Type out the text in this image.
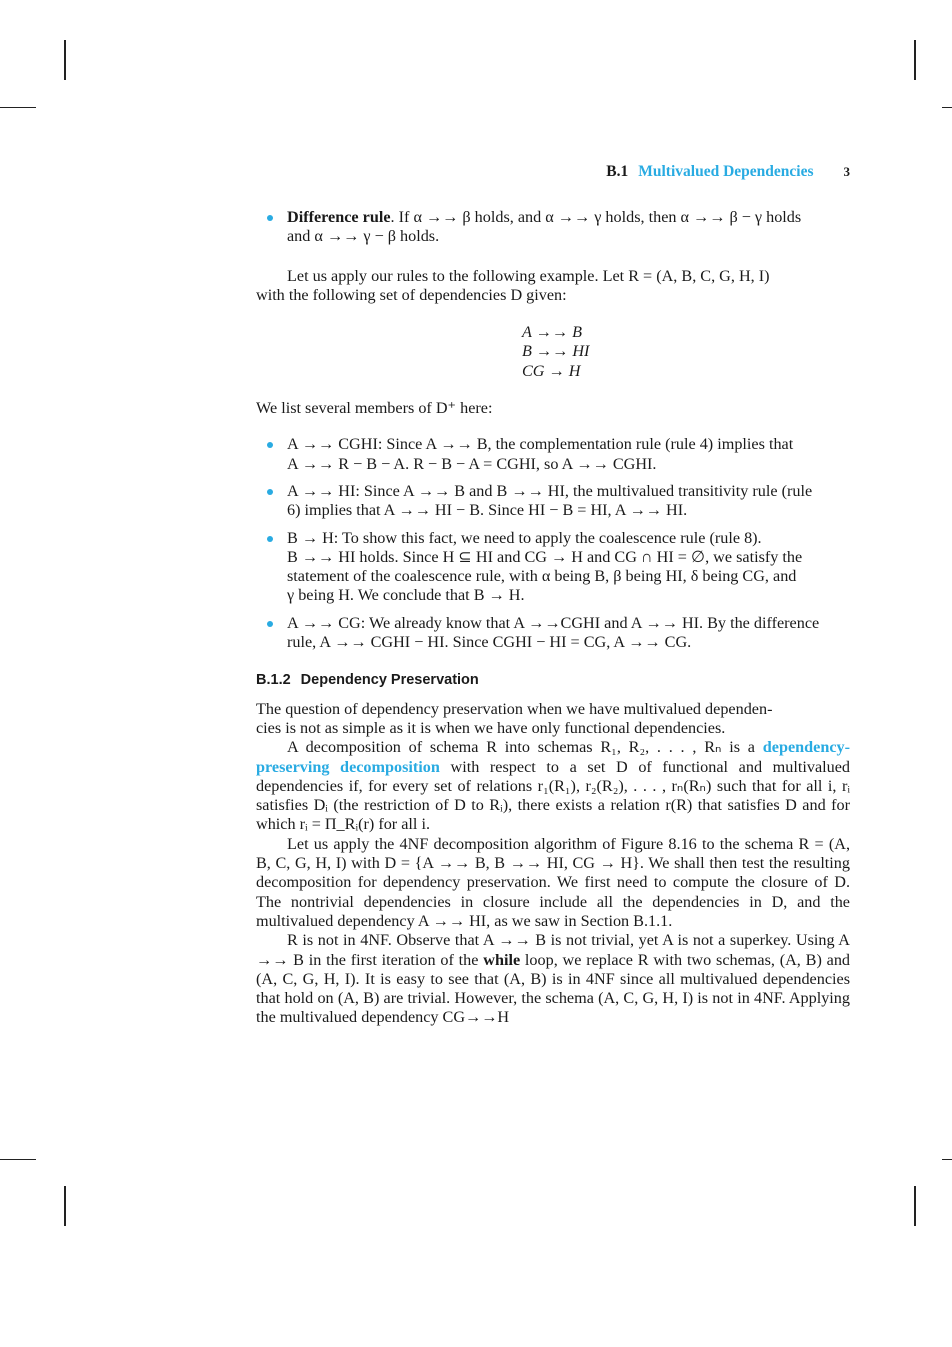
B.1 Multivalued Dependencies 3
Difference rule. If α →→ β holds, and α →→ γ holds, then α →→ β − γ holds
and α →→ γ − β holds.

Let us apply our rules to the following example. Let R = (A, B, C, G, H, I)
with the following set of dependencies D given:

A →→ B
B →→ HI
CG → H

We list several members of D⁺ here:

A →→ CGHI: Since A →→ B, the complementation rule (rule 4) implies that
A →→ R − B − A. R − B − A = CGHI, so A →→ CGHI.
A →→ HI: Since A →→ B and B →→ HI, the multivalued transitivity rule (rule
6) implies that A →→ HI − B. Since HI − B = HI, A →→ HI.
B → H: To show this fact, we need to apply the coalescence rule (rule 8).
B →→ HI holds. Since H ⊆ HI and CG → H and CG ∩ HI = ∅, we satisfy the
statement of the coalescence rule, with α being B, β being HI, δ being CG, and
γ being H. We conclude that B → H.
A →→ CG: We already know that A →→CGHI and A →→ HI. By the difference
rule, A →→ CGHI − HI. Since CGHI − HI = CG, A →→ CG.

B.1.2 Dependency Preservation

The question of dependency preservation when we have multivalued dependen-
cies is not as simple as it is when we have only functional dependencies.

A decomposition of schema R into schemas R₁, R₂, . . . , Rₙ is a dependency-preserving decomposition with respect to a set D of functional and multivalued dependencies if, for every set of relations r₁(R₁), r₂(R₂), . . . , rₙ(Rₙ) such that for all i, rᵢ satisfies Dᵢ (the restriction of D to Rᵢ), there exists a relation r(R) that satisfies D and for which rᵢ = Π_Rᵢ(r) for all i.

Let us apply the 4NF decomposition algorithm of Figure 8.16 to the schema R = (A, B, C, G, H, I) with D = {A →→ B, B →→ HI, CG → H}. We shall then test the resulting decomposition for dependency preservation. We first need to compute the closure of D. The nontrivial dependencies in closure include all the dependencies in D, and the multivalued dependency A →→ HI, as we saw in Section B.1.1.

R is not in 4NF. Observe that A →→ B is not trivial, yet A is not a superkey. Using A →→ B in the first iteration of the while loop, we replace R with two schemas, (A, B) and (A, C, G, H, I). It is easy to see that (A, B) is in 4NF since all multivalued dependencies that hold on (A, B) are trivial. However, the schema (A, C, G, H, I) is not in 4NF. Applying the multivalued dependency CG→→H
